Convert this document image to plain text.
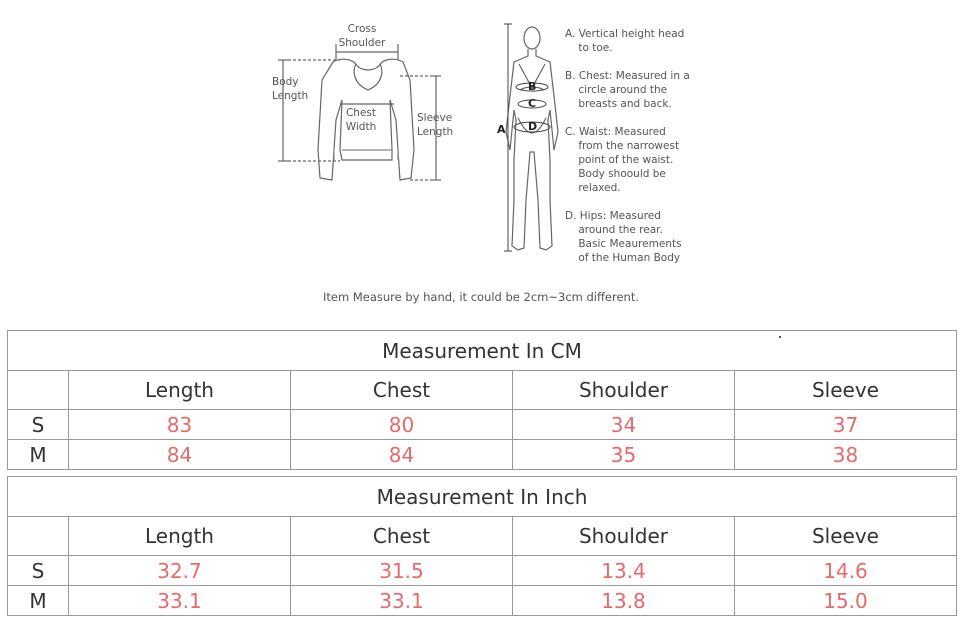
Cross
Shoulder
Body
Length
Chest
Width
Sleeve
Length	A
B
C
D
A. Vertical height head
to toe.
B. Chest: Measured in a
circle around the
breasts and back.
C. Waist: Measured
from the narrowest
point of the waist.
Body shoould be
relaxed.
D. Hips: Measured
around the rear.
Basic Meaurements
of the Human Body
Item Measure by hand, it could be 2cm~3cm different.
Measurement In CM				
	Length	Chest	Shoulder	Sleeve
S	83	80	34	37
M	84	84	35	38
Measurement In Inch				
	Length	Chest	Shoulder	Sleeve
S	32.7	31.5	13.4	14.6
M	33.1	33.1	13.8	15.0
